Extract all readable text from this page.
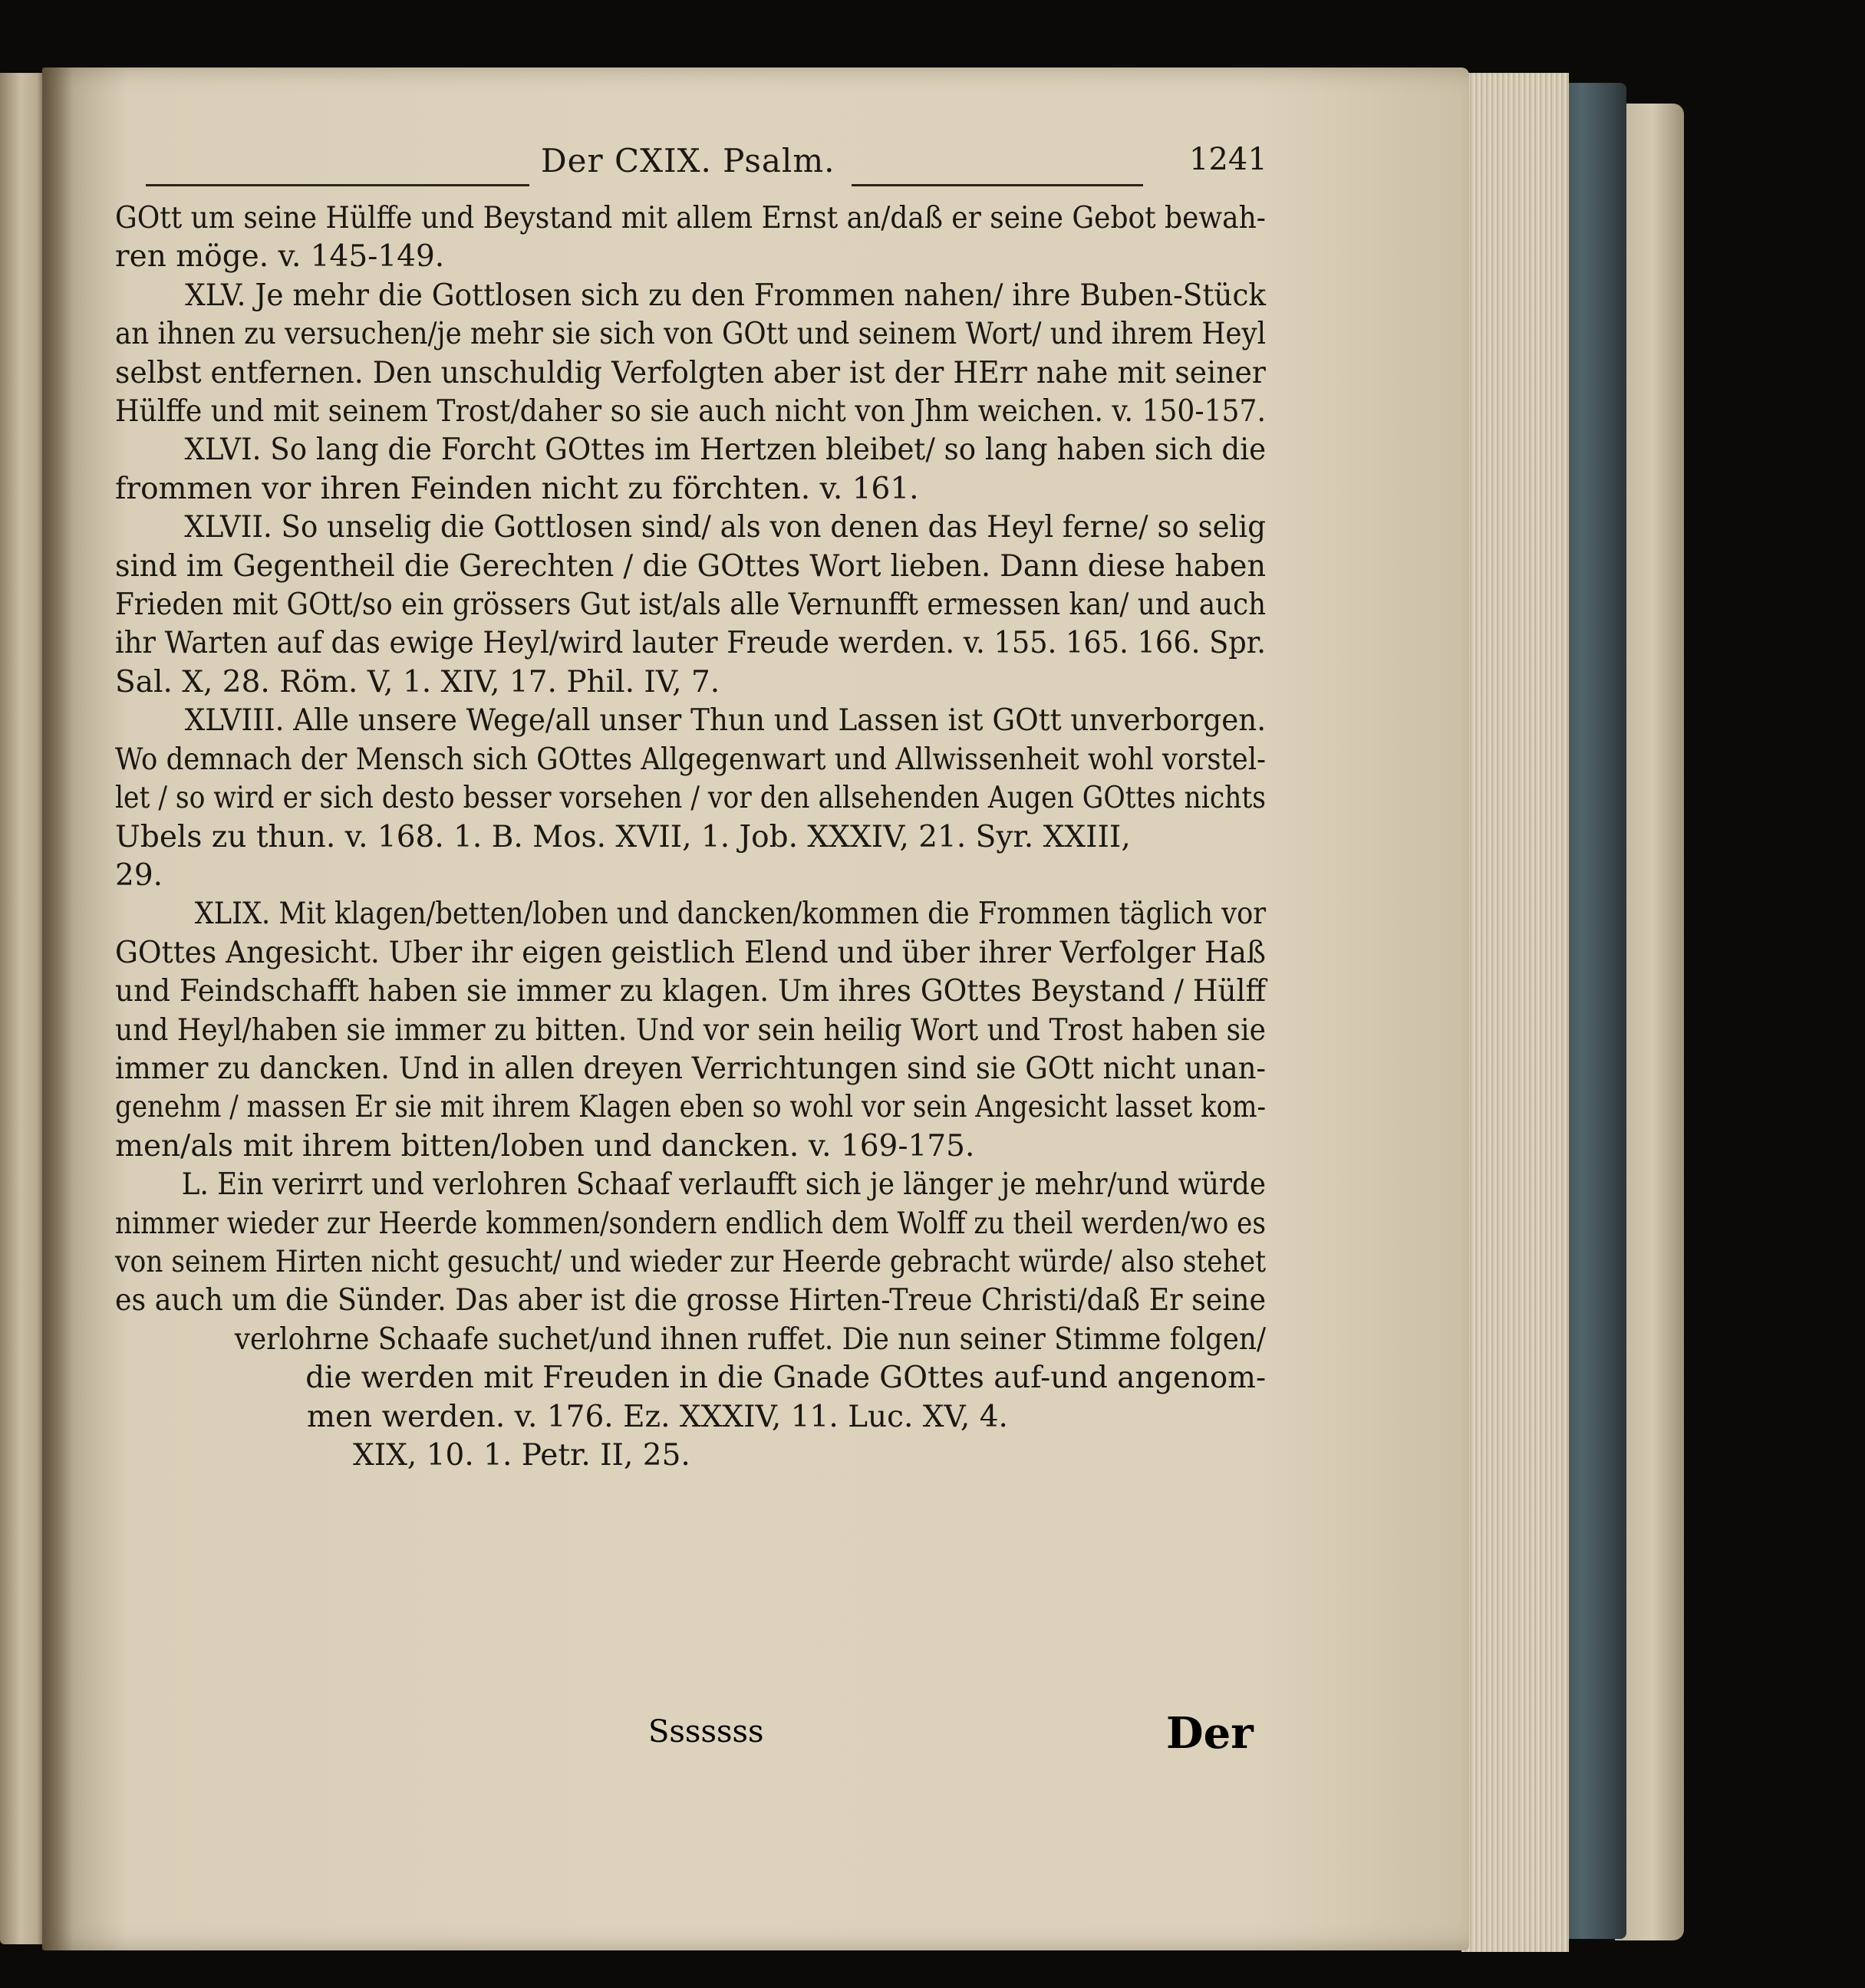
Der CXIX. Psalm.	1241
GOtt um seine Hülffe und Beystand mit allem Ernst an/daß er seine Gebot bewah-
ren möge. v. 145-149.
XLV. Je mehr die Gottlosen sich zu den Frommen nahen/ ihre Buben-Stück
an ihnen zu versuchen/je mehr sie sich von GOtt und seinem Wort/ und ihrem Heyl
selbst entfernen. Den unschuldig Verfolgten aber ist der HErr nahe mit seiner
Hülffe und mit seinem Trost/daher so sie auch nicht von Jhm weichen. v. 150-157.
XLVI. So lang die Forcht GOttes im Hertzen bleibet/ so lang haben sich die
frommen vor ihren Feinden nicht zu förchten. v. 161.
XLVII. So unselig die Gottlosen sind/ als von denen das Heyl ferne/ so selig
sind im Gegentheil die Gerechten / die GOttes Wort lieben. Dann diese haben
Frieden mit GOtt/so ein grössers Gut ist/als alle Vernunfft ermessen kan/ und auch
ihr Warten auf das ewige Heyl/wird lauter Freude werden. v. 155. 165. 166. Spr.
Sal. X, 28. Röm. V, 1. XIV, 17. Phil. IV, 7.
XLVIII. Alle unsere Wege/all unser Thun und Lassen ist GOtt unverborgen.
Wo demnach der Mensch sich GOttes Allgegenwart und Allwissenheit wohl vorstel-
let / so wird er sich desto besser vorsehen / vor den allsehenden Augen GOttes nichts
Ubels zu thun. v. 168. 1. B. Mos. XVII, 1. Job. XXXIV, 21. Syr. XXIII,
29.
XLIX. Mit klagen/betten/loben und dancken/kommen die Frommen täglich vor
GOttes Angesicht. Uber ihr eigen geistlich Elend und über ihrer Verfolger Haß
und Feindschafft haben sie immer zu klagen. Um ihres GOttes Beystand / Hülff
und Heyl/haben sie immer zu bitten. Und vor sein heilig Wort und Trost haben sie
immer zu dancken. Und in allen dreyen Verrichtungen sind sie GOtt nicht unan-
genehm / massen Er sie mit ihrem Klagen eben so wohl vor sein Angesicht lasset kom-
men/als mit ihrem bitten/loben und dancken. v. 169-175.
L. Ein verirrt und verlohren Schaaf verlaufft sich je länger je mehr/und würde
nimmer wieder zur Heerde kommen/sondern endlich dem Wolff zu theil werden/wo es
von seinem Hirten nicht gesucht/ und wieder zur Heerde gebracht würde/ also stehet
es auch um die Sünder. Das aber ist die grosse Hirten-Treue Christi/daß Er seine
verlohrne Schaafe suchet/und ihnen ruffet. Die nun seiner Stimme folgen/
die werden mit Freuden in die Gnade GOttes auf-und angenom-
men werden. v. 176. Ez. XXXIV, 11. Luc. XV, 4.
XIX, 10. 1. Petr. II, 25.
Sssssss	Der
